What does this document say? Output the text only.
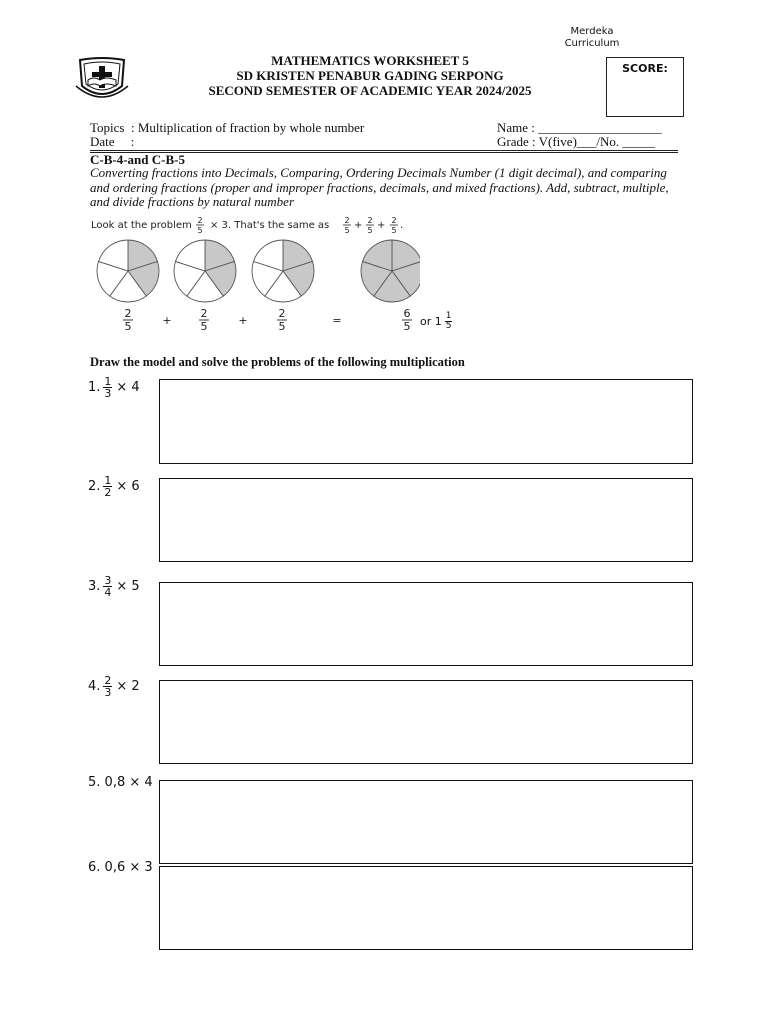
Merdeka
Curriculum
MATHEMATICS WORKSHEET 5
SD KRISTEN PENABUR GADING SERPONG
SECOND SEMESTER OF ACADEMIC YEAR 2024/2025
SCORE:
Topics  : Multiplication of fraction by whole number
Date     :
Name : ___________________
Grade : V(five)___/No. _____
C-B-4-and C-B-5
Converting fractions into Decimals, Comparing, Ordering Decimals Number (1 digit decimal), and comparing and ordering fractions (proper and improper fractions, decimals, and mixed fractions). Add, subtract, multiple, and divide fractions by natural number
Look at the problem 2
5 × 3. That's the same as 2
5 + 2
5 + 2
5 .
2
5	+
2
5	+
2
5	=
6
5 or $1 \frac{1}{5}$
Draw the model and solve the problems of the following multiplication
1. $\frac{1}{3} \times 4$
2. $\frac{1}{2} \times 6$
3. $\frac{3}{4} \times 5$
4. $\frac{2}{3} \times 2$
5.
0,8 × 4
6.
0,6 × 3
